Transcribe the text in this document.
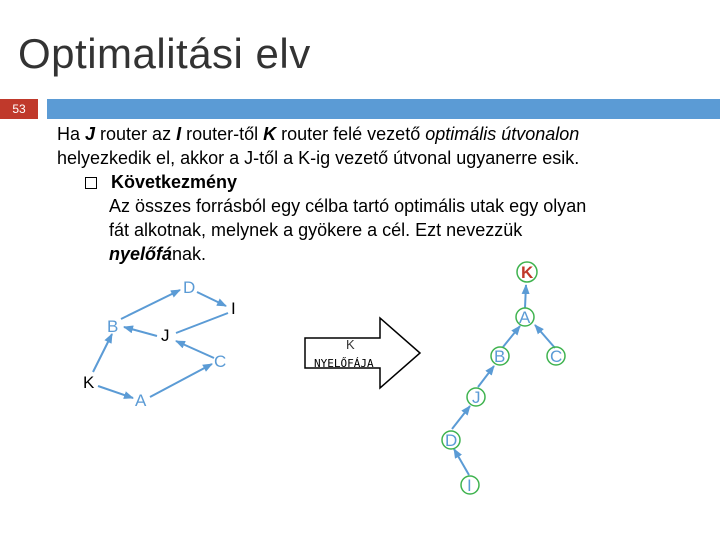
Optimalitási elv
53
Ha J router az I router-től K router felé vezető optimális útvonalon
helyezkedik el, akkor a J-től a K-ig vezető útvonal ugyanerre esik.
Következmény
Az összes forrásból egy célba tartó optimális utak egy olyan
fát alkotnak, melynek a gyökere a cél. Ezt nevezzük
nyelőfának.
D
I
B	J
C
K
A
K
NYELŐFÁJA
K
A
B	C
J
D
I
